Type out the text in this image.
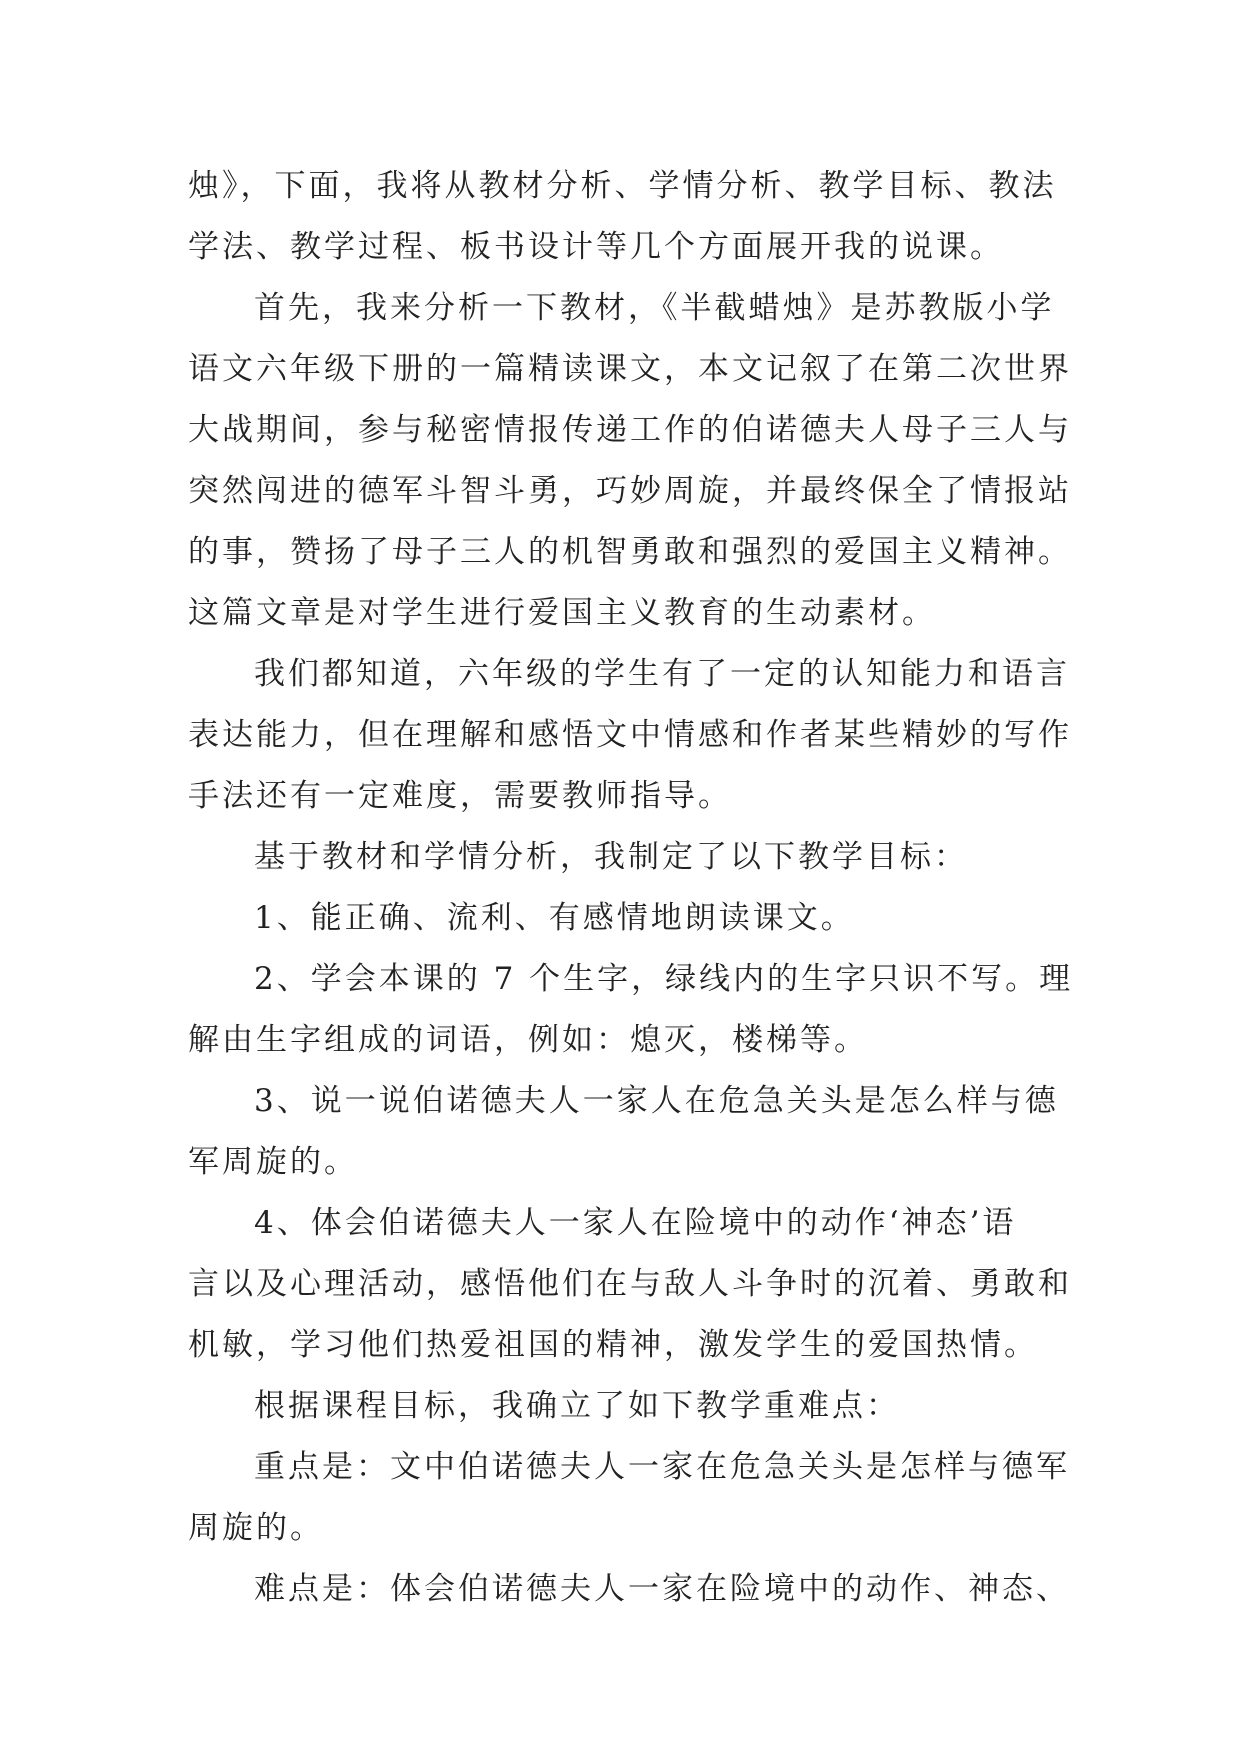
烛》，下面，我将从教材分析、学情分析、教学目标、教法
学法、教学过程、板书设计等几个方面展开我的说课。
首先，我来分析一下教材，《半截蜡烛》是苏教版小学
语文六年级下册的一篇精读课文，本文记叙了在第二次世界
大战期间，参与秘密情报传递工作的伯诺德夫人母子三人与
突然闯进的德军斗智斗勇，巧妙周旋，并最终保全了情报站
的事，赞扬了母子三人的机智勇敢和强烈的爱国主义精神。
这篇文章是对学生进行爱国主义教育的生动素材。
我们都知道，六年级的学生有了一定的认知能力和语言
表达能力，但在理解和感悟文中情感和作者某些精妙的写作
手法还有一定难度，需要教师指导。
基于教材和学情分析，我制定了以下教学目标：
1、能正确、流利、有感情地朗读课文。
2、学会本课的 7 个生字，绿线内的生字只识不写。理
解由生字组成的词语，例如：熄灭，楼梯等。
3、说一说伯诺德夫人一家人在危急关头是怎么样与德
军周旋的。
4、体会伯诺德夫人一家人在险境中的动作‘神态’语
言以及心理活动，感悟他们在与敌人斗争时的沉着、勇敢和
机敏，学习他们热爱祖国的精神，激发学生的爱国热情。
根据课程目标，我确立了如下教学重难点：
重点是：文中伯诺德夫人一家在危急关头是怎样与德军
周旋的。
难点是：体会伯诺德夫人一家在险境中的动作、神态、
